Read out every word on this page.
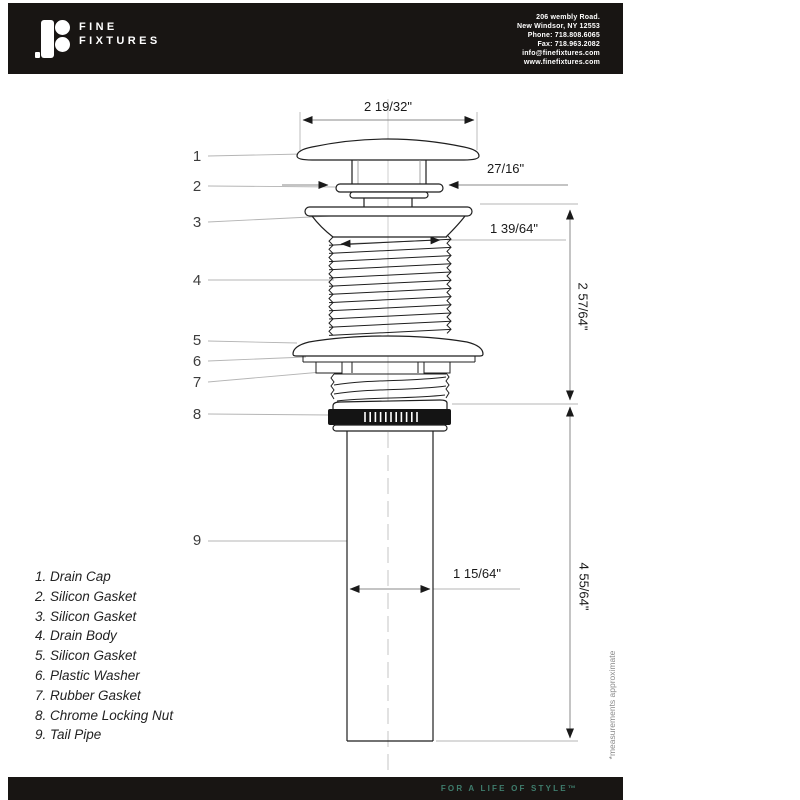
FINE
FIXTURES
206 wembly Road.
New Windsor, NY 12553
Phone: 718.808.6065
Fax: 718.963.2082
info@finefixtures.com
www.finefixtures.com
1
2
3
4
5
6
7
8
9
2 19/32"
27/16"
1 39/64"
2 57/64"
1 15/64"	4 55/64"
*measurements approximate
1. Drain Cap
2. Silicon Gasket
3. Silicon Gasket
4. Drain Body
5. Silicon Gasket
6. Plastic Washer
7. Rubber Gasket
8. Chrome Locking Nut
9. Tail Pipe
FOR A LIFE OF STYLE™
